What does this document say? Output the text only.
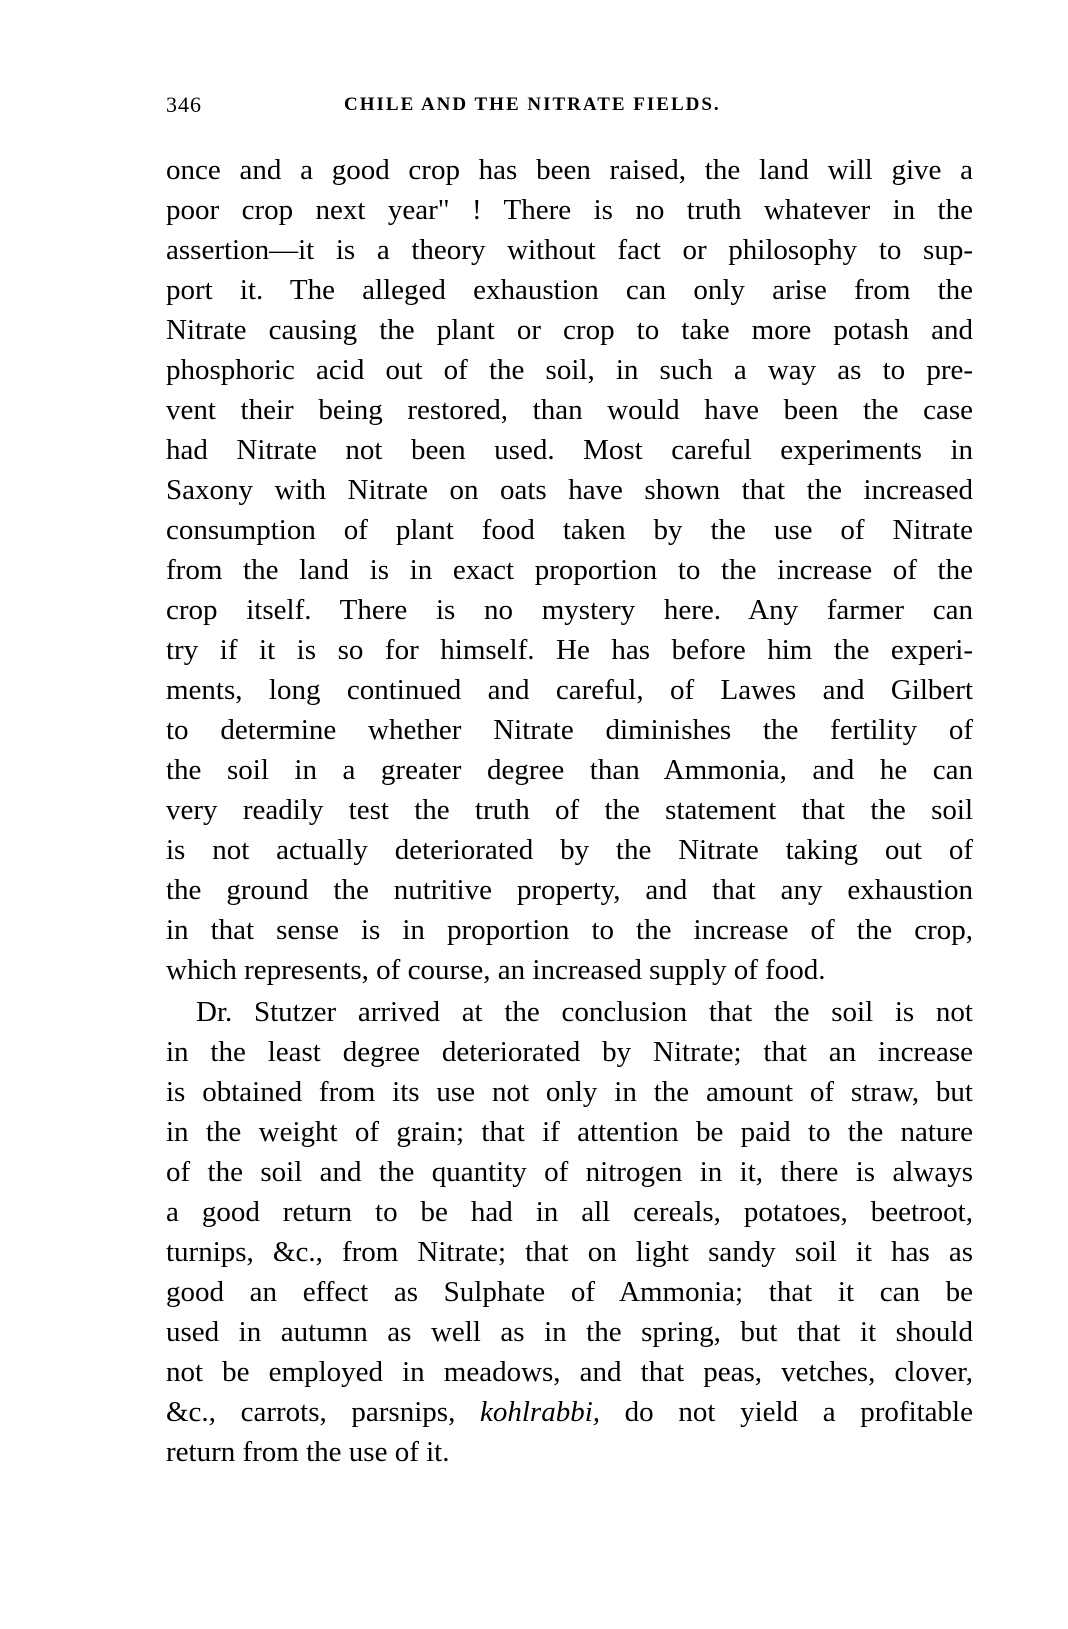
346	CHILE AND THE NITRATE FIELDS.
once and a good crop has been raised, the land will give a
poor crop next year" ! There is no truth whatever in the
assertion—it is a theory without fact or philosophy to sup-
port it. The alleged exhaustion can only arise from the
Nitrate causing the plant or crop to take more potash and
phosphoric acid out of the soil, in such a way as to pre-
vent their being restored, than would have been the case
had Nitrate not been used. Most careful experiments in
Saxony with Nitrate on oats have shown that the increased
consumption of plant food taken by the use of Nitrate
from the land is in exact proportion to the increase of the
crop itself. There is no mystery here. Any farmer can
try if it is so for himself. He has before him the experi-
ments, long continued and careful, of Lawes and Gilbert
to determine whether Nitrate diminishes the fertility of
the soil in a greater degree than Ammonia, and he can
very readily test the truth of the statement that the soil
is not actually deteriorated by the Nitrate taking out of
the ground the nutritive property, and that any exhaustion
in that sense is in proportion to the increase of the crop,
which represents, of course, an increased supply of food.
Dr. Stutzer arrived at the conclusion that the soil is not
in the least degree deteriorated by Nitrate; that an increase
is obtained from its use not only in the amount of straw, but
in the weight of grain; that if attention be paid to the nature
of the soil and the quantity of nitrogen in it, there is always
a good return to be had in all cereals, potatoes, beetroot,
turnips, &c., from Nitrate; that on light sandy soil it has as
good an effect as Sulphate of Ammonia; that it can be
used in autumn as well as in the spring, but that it should
not be employed in meadows, and that peas, vetches, clover,
&c., carrots, parsnips, kohlrabbi, do not yield a profitable
return from the use of it.
